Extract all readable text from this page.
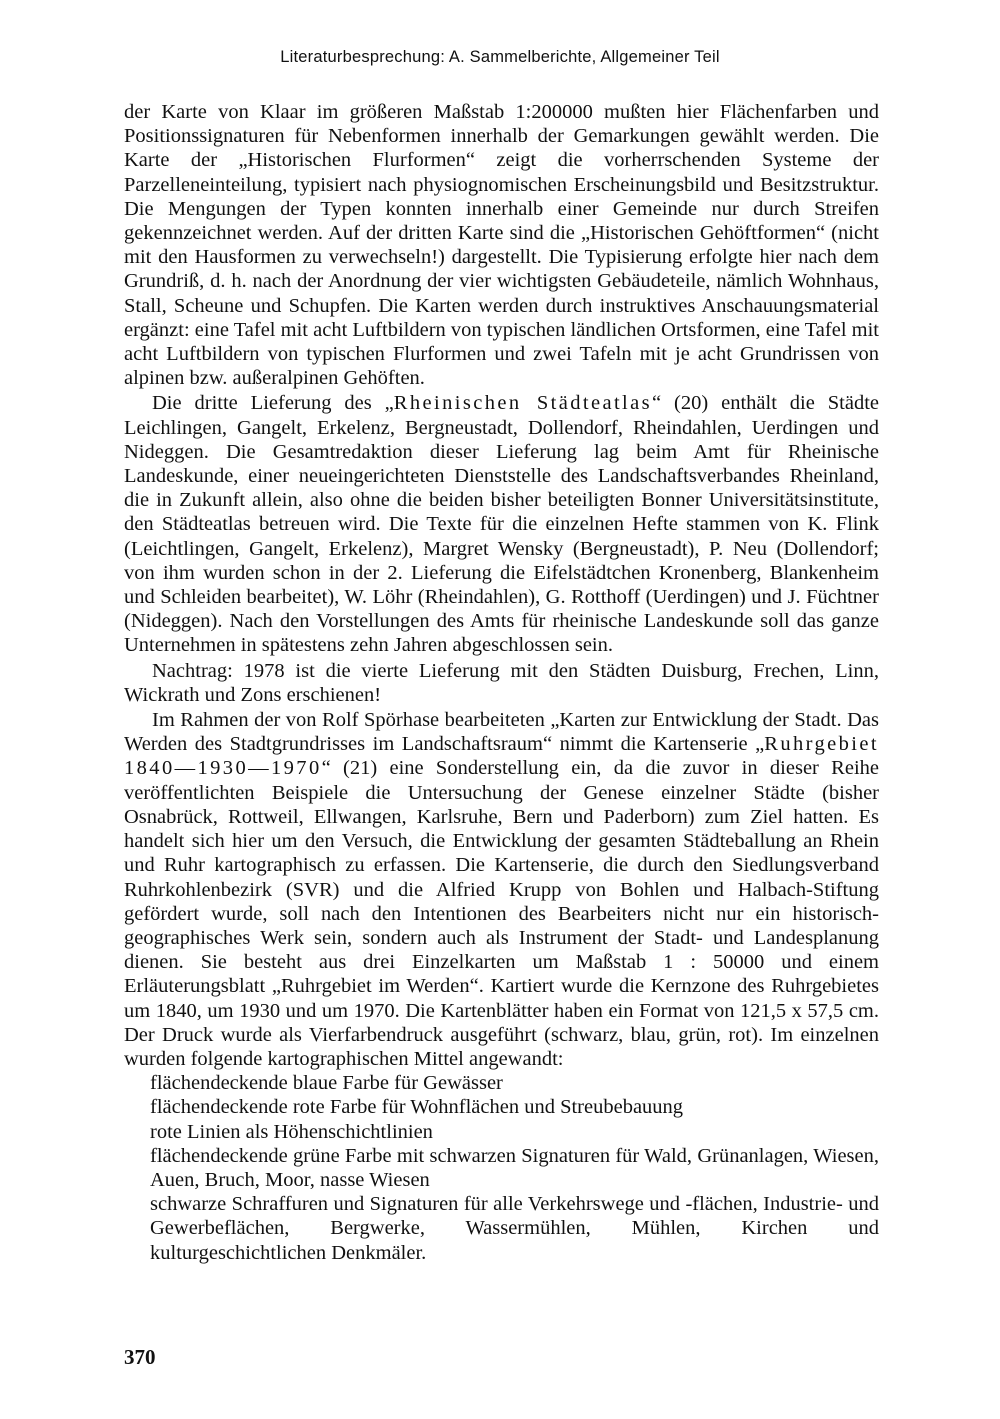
Literaturbesprechung: A. Sammelberichte, Allgemeiner Teil

der Karte von Klaar im größeren Maßstab 1:200000 mußten hier Flächenfarben und Positionssignaturen für Nebenformen innerhalb der Gemarkungen gewählt werden. Die Karte der „Historischen Flurformen“ zeigt die vorherrschenden Systeme der Parzelleneinteilung, typisiert nach physiognomischen Erscheinungsbild und Besitzstruktur. Die Mengungen der Typen konnten innerhalb einer Gemeinde nur durch Streifen gekennzeichnet werden. Auf der dritten Karte sind die „Historischen Gehöftformen“ (nicht mit den Hausformen zu verwechseln!) dargestellt. Die Typisierung erfolgte hier nach dem Grundriß, d. h. nach der Anordnung der vier wichtigsten Gebäudeteile, nämlich Wohnhaus, Stall, Scheune und Schupfen. Die Karten werden durch instruktives Anschauungsmaterial ergänzt: eine Tafel mit acht Luftbildern von typischen ländlichen Ortsformen, eine Tafel mit acht Luftbildern von typischen Flurformen und zwei Tafeln mit je acht Grundrissen von alpinen bzw. außeralpinen Gehöften.

Die dritte Lieferung des „Rheinischen Städteatlas“ (20) enthält die Städte Leichlingen, Gangelt, Erkelenz, Bergneustadt, Dollendorf, Rheindahlen, Uerdingen und Nideggen. Die Gesamtredaktion dieser Lieferung lag beim Amt für Rheinische Landeskunde, einer neueingerichteten Dienststelle des Landschaftsverbandes Rheinland, die in Zukunft allein, also ohne die beiden bisher beteiligten Bonner Universitätsinstitute, den Städteatlas betreuen wird. Die Texte für die einzelnen Hefte stammen von K. Flink (Leichtlingen, Gangelt, Erkelenz), Margret Wensky (Bergneustadt), P. Neu (Dollendorf; von ihm wurden schon in der 2. Lieferung die Eifelstädtchen Kronenberg, Blankenheim und Schleiden bearbeitet), W. Löhr (Rheindahlen), G. Rotthoff (Uerdingen) und J. Füchtner (Nideggen). Nach den Vorstellungen des Amts für rheinische Landeskunde soll das ganze Unternehmen in spätestens zehn Jahren abgeschlossen sein.

Nachtrag: 1978 ist die vierte Lieferung mit den Städten Duisburg, Frechen, Linn, Wickrath und Zons erschienen!

Im Rahmen der von Rolf Spörhase bearbeiteten „Karten zur Entwicklung der Stadt. Das Werden des Stadtgrundrisses im Landschaftsraum“ nimmt die Kartenserie „Ruhrgebiet 1840—1930—1970“ (21) eine Sonderstellung ein, da die zuvor in dieser Reihe veröffentlichten Beispiele die Untersuchung der Genese einzelner Städte (bisher Osnabrück, Rottweil, Ellwangen, Karlsruhe, Bern und Paderborn) zum Ziel hatten. Es handelt sich hier um den Versuch, die Entwicklung der gesamten Städteballung an Rhein und Ruhr kartographisch zu erfassen. Die Kartenserie, die durch den Siedlungsverband Ruhrkohlenbezirk (SVR) und die Alfried Krupp von Bohlen und Halbach-Stiftung gefördert wurde, soll nach den Intentionen des Bearbeiters nicht nur ein historisch-geographisches Werk sein, sondern auch als Instrument der Stadt- und Landesplanung dienen. Sie besteht aus drei Einzelkarten um Maßstab 1 : 50000 und einem Erläuterungsblatt „Ruhrgebiet im Werden“. Kartiert wurde die Kernzone des Ruhrgebietes um 1840, um 1930 und um 1970. Die Kartenblätter haben ein Format von 121,5 x 57,5 cm. Der Druck wurde als Vierfarbendruck ausgeführt (schwarz, blau, grün, rot). Im einzelnen wurden folgende kartographischen Mittel angewandt:

flächendeckende blaue Farbe für Gewässer
flächendeckende rote Farbe für Wohnflächen und Streubebauung
rote Linien als Höhenschichtlinien
flächendeckende grüne Farbe mit schwarzen Signaturen für Wald, Grünanlagen, Wiesen, Auen, Bruch, Moor, nasse Wiesen
schwarze Schraffuren und Signaturen für alle Verkehrswege und -flächen, Industrie- und Gewerbeflächen, Bergwerke, Wassermühlen, Mühlen, Kirchen und kulturgeschichtlichen Denkmäler.
370
